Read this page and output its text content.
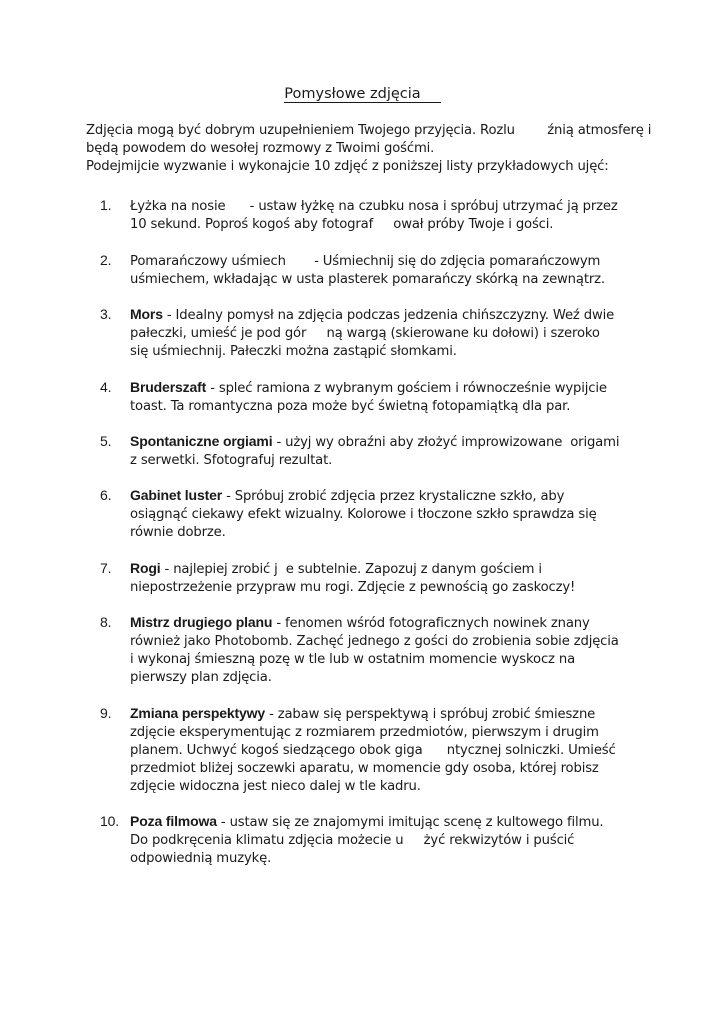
Pomysłowe zdjęcia

Zdjęcia mogą być dobrym uzupełnieniem Twojego przyjęcia. Rozlu        źnią atmosferę i

będą powodem do wesołej rozmowy z Twoimi gośćmi.

Podejmijcie wyzwanie i wykonajcie 10 zdjęć z poniższej listy przykładowych ujęć:

1.	Łyżka na nosie      - ustaw łyżkę na czubku nosa i spróbuj utrzymać ją przez 10 sekund. Poproś kogoś aby fotograf     ował próby Twoje i gości.
2.	Pomarańczowy uśmiech       - Uśmiechnij się do zdjęcia pomarańczowym uśmiechem, wkładając w usta plasterek pomarańczy skórką na zewnątrz.
3.	Mors - Idealny pomysł na zdjęcia podczas jedzenia chińszczyzny. Weź dwie pałeczki, umieść je pod gór     ną wargą (skierowane ku dołowi) i szeroko się uśmiechnij. Pałeczki można zastąpić słomkami.
4.	Bruderszaft - spleć ramiona z wybranym gościem i równocześnie wypijcie toast. Ta romantyczna poza może być świetną fotopamiątką dla par.
5.	Spontaniczne orgiami - użyj wy obraźni aby złożyć improwizowane  origami z serwetki. Sfotografuj rezultat.
6.	Gabinet luster - Spróbuj zrobić zdjęcia przez krystaliczne szkło, aby osiągnąć ciekawy efekt wizualny. Kolorowe i tłoczone szkło sprawdza się równie dobrze.
7.	Rogi - najlepiej zrobić j  e subtelnie. Zapozuj z danym gościem i niepostrzeżenie przypraw mu rogi. Zdjęcie z pewnością go zaskoczy!
8.	Mistrz drugiego planu - fenomen wśród fotograficznych nowinek znany również jako Photobomb. Zachęć jednego z gości do zrobienia sobie zdjęcia i wykonaj śmieszną pozę w tle lub w ostatnim momencie wyskocz na pierwszy plan zdjęcia.
9.	Zmiana perspektywy - zabaw się perspektywą i spróbuj zrobić śmieszne zdjęcie eksperymentując z rozmiarem przedmiotów, pierwszym i drugim planem. Uchwyć kogoś siedzącego obok giga      ntycznej solniczki. Umieść przedmiot bliżej soczewki aparatu, w momencie gdy osoba, której robisz zdjęcie widoczna jest nieco dalej w tle kadru.
10. Poza filmowa - ustaw się ze znajomymi imitując scenę z kultowego filmu. Do podkręcenia klimatu zdjęcia możecie u     żyć rekwizytów i puścić odpowiednią muzykę.
